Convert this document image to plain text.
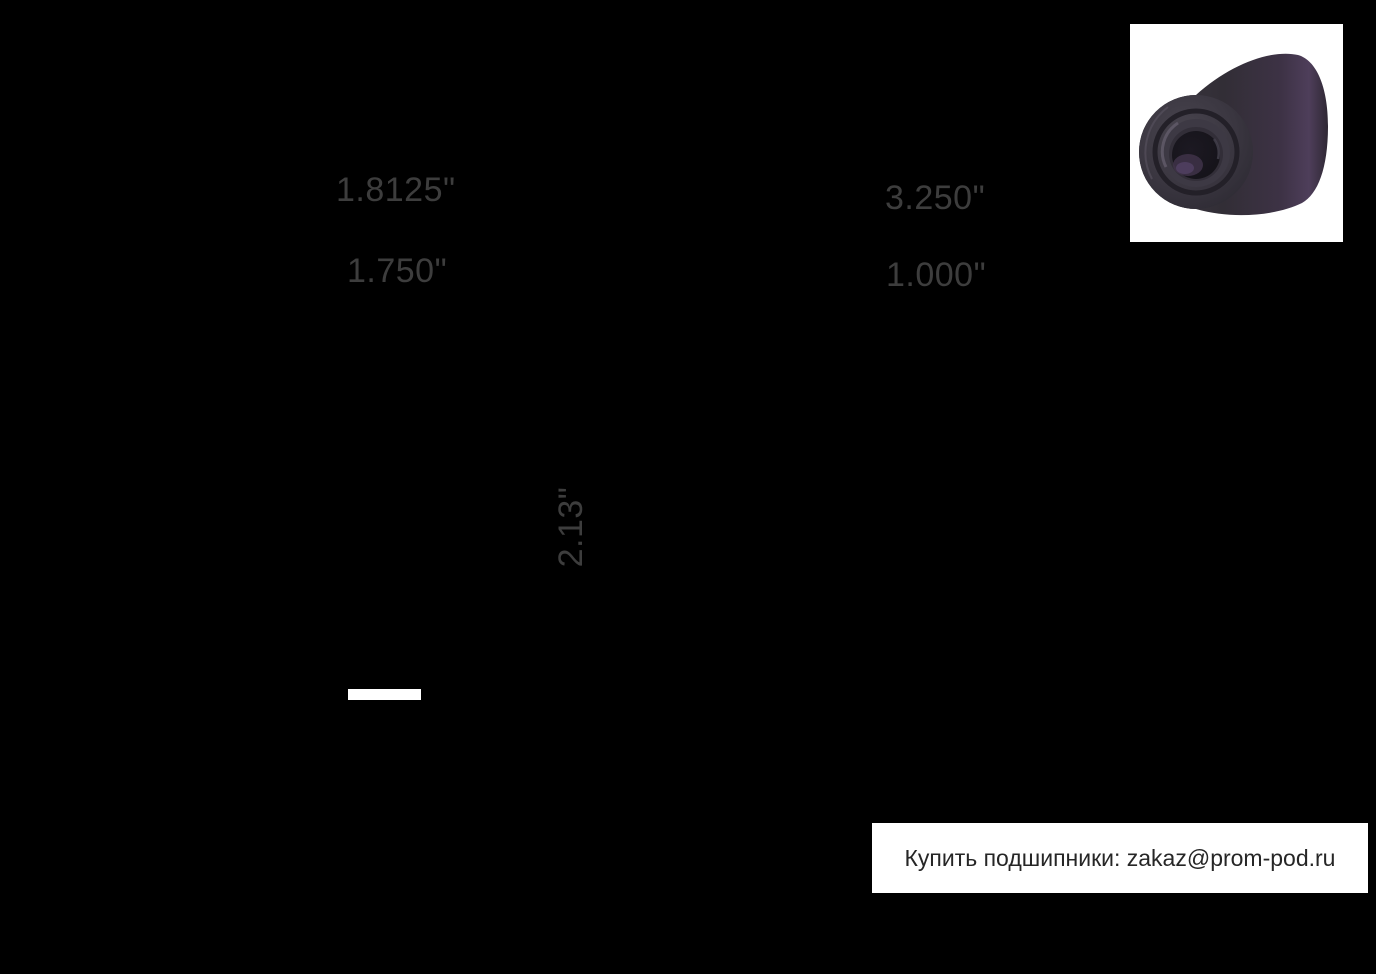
1.8125"
1.750"
3.250"
1.000"
2.13"
Купить подшипники: zakaz@prom-pod.ru
